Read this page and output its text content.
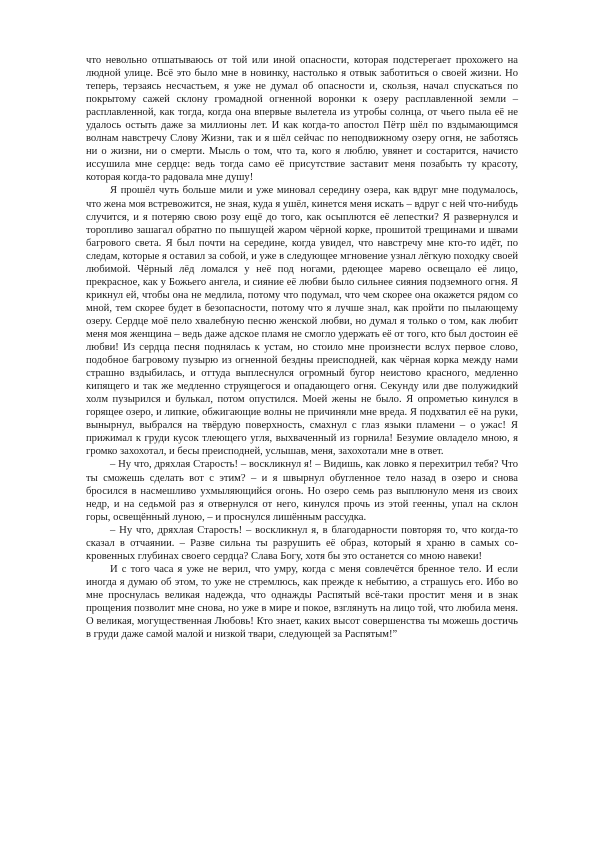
что невольно отшатываюсь от той или иной опасности, которая подстерегает прохожего на людной улице. Всё это было мне в новинку, настолько я отвык заботиться о своей жизни. Но теперь, терзаясь несчастьем, я уже не думал об опасности и, скользя, начал спускаться по покрытому сажей склону громадной огненной воронки к озеру расплавленной земли – расплавленной, как тогда, когда она впервые вылетела из утробы солнца, от чьего пыла её не удалось остыть даже за миллионы лет. И как когда-то апостол Пётр шёл по вздымающимся волнам навстречу Слову Жизни, так и я шёл сейчас по неподвижному озеру огня, не заботясь ни о жизни, ни о смерти. Мысль о том, что та, кого я люблю, увянет и состарится, начисто иссушила мне сердце: ведь тогда само её присутствие заставит меня позабыть ту красоту, которая когда-то радовала мне душу!

Я прошёл чуть больше мили и уже миновал середину озера, как вдруг мне подумалось, что жена моя встревожится, не зная, куда я ушёл, кинется меня искать – вдруг с ней что-нибудь случится, и я потеряю свою розу ещё до того, как осыплются её лепестки? Я развернулся и торопливо зашагал обратно по пышущей жаром чёрной корке, прошитой трещинами и швами багрового света. Я был почти на середине, когда увидел, что навстречу мне кто-то идёт, по следам, которые я оставил за собой, и уже в следующее мгновение узнал лёгкую походку своей любимой. Чёрный лёд ломался у неё под ногами, рдеющее марево освещало её лицо, прекрасное, как у Божьего ангела, и сияние её любви было сильнее сияния подземного огня. Я крикнул ей, чтобы она не медлила, потому что подумал, что чем скорее она окажется рядом со мной, тем скорее будет в безопасности, потому что я лучше знал, как пройти по пылающему озеру. Сердце моё пело хвалебную песню женской любви, но думал я только о том, как любит меня моя женщина – ведь даже адское пламя не смогло удержать её от того, кто был достоин её любви! Из сердца песня поднялась к устам, но стоило мне произнести вслух первое слово, подобное багровому пузырю из огненной бездны преисподней, как чёрная корка между нами страшно вздыбилась, и оттуда выплеснулся огромный бугор неистово красного, медленно кипящего и так же медленно струящегося и опадающего огня. Секунду или две полужидкий холм пузырился и булькал, потом опустился. Моей жены не было. Я опрометью кинулся в горящее озеро, и липкие, обжигающие волны не причиняли мне вреда. Я подхватил её на руки, вынырнул, выбрался на твёрдую поверхность, смахнул с глаз языки пламени – о ужас! Я прижимал к груди кусок тлеющего угля, выхваченный из горнила! Безумие овладело мною, я громко захохотал, и бесы преисподней, услышав, меня, захохотали мне в ответ.

– Ну что, дряхлая Старость! – воскликнул я! – Видишь, как ловко я перехитрил тебя? Что ты сможешь сделать вот с этим? – и я швырнул обугленное тело назад в озеро и снова бросился в насмешливо ухмыляющийся огонь. Но озеро семь раз выплюнуло меня из своих недр, и на седьмой раз я отвернулся от него, кинулся прочь из этой геенны, упал на склон горы, освещённый луною, – и проснулся лишённым рассудка.

– Ну что, дряхлая Старость! – воскликнул я, в благодарности повторяя то, что когда-то сказал в отчаянии. – Разве сильна ты разрушить её образ, который я храню в самых сокровенных глубинах своего сердца? Слава Богу, хотя бы это останется со мною навеки!

И с того часа я уже не верил, что умру, когда с меня совлечётся бренное тело. И если иногда я думаю об этом, то уже не стремлюсь, как прежде к небытию, а страшусь его. Ибо во мне проснулась великая надежда, что однажды Распятый всё-таки простит меня и в знак прощения позволит мне снова, но уже в мире и покое, взглянуть на лицо той, что любила меня. О великая, могущественная Любовь! Кто знает, каких высот совершенства ты можешь достичь в груди даже самой малой и низкой твари, следующей за Распятым!”
